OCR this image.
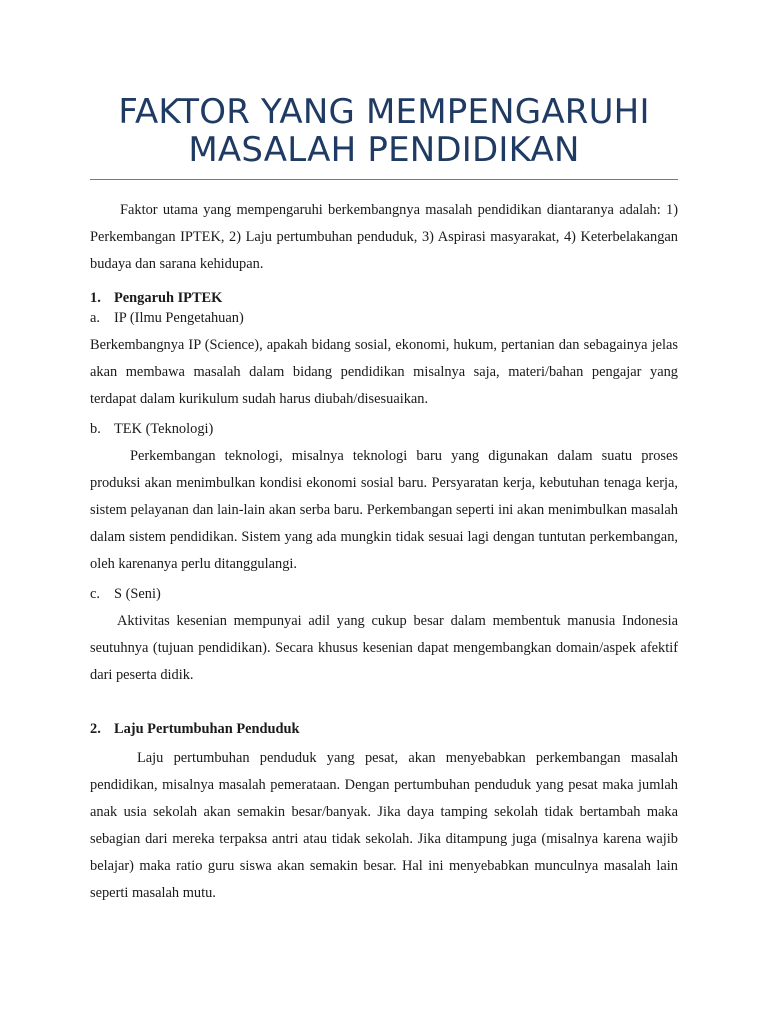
FAKTOR YANG MEMPENGARUHI
MASALAH PENDIDIKAN

Faktor utama yang mempengaruhi berkembangnya masalah pendidikan diantaranya adalah: 1) Perkembangan IPTEK, 2) Laju pertumbuhan penduduk, 3) Aspirasi masyarakat, 4) Keterbelakangan budaya dan sarana kehidupan.

1. Pengaruh IPTEK

a. IP (Ilmu Pengetahuan)

Berkembangnya IP (Science), apakah bidang sosial, ekonomi, hukum, pertanian dan sebagainya jelas akan membawa masalah dalam bidang pendidikan misalnya saja, materi/bahan pengajar yang terdapat dalam kurikulum sudah harus diubah/disesuaikan.

b. TEK (Teknologi)

Perkembangan teknologi, misalnya teknologi baru yang digunakan dalam suatu proses produksi akan menimbulkan kondisi ekonomi sosial baru. Persyaratan kerja, kebutuhan tenaga kerja, sistem pelayanan dan lain-lain akan serba baru. Perkembangan seperti ini akan menimbulkan masalah dalam sistem pendidikan. Sistem yang ada mungkin tidak sesuai lagi dengan tuntutan perkembangan, oleh karenanya perlu ditanggulangi.

c. S (Seni)

Aktivitas kesenian mempunyai adil yang cukup besar dalam membentuk manusia Indonesia seutuhnya (tujuan pendidikan). Secara khusus kesenian dapat mengembangkan domain/aspek afektif dari peserta didik.

2. Laju Pertumbuhan Penduduk

Laju pertumbuhan penduduk yang pesat, akan menyebabkan perkembangan masalah pendidikan, misalnya masalah pemerataan. Dengan pertumbuhan penduduk yang pesat maka jumlah anak usia sekolah akan semakin besar/banyak. Jika daya tamping sekolah tidak bertambah maka sebagian dari mereka terpaksa antri atau tidak sekolah. Jika ditampung juga (misalnya karena wajib belajar) maka ratio guru siswa akan semakin besar. Hal ini menyebabkan munculnya masalah lain seperti masalah mutu.
